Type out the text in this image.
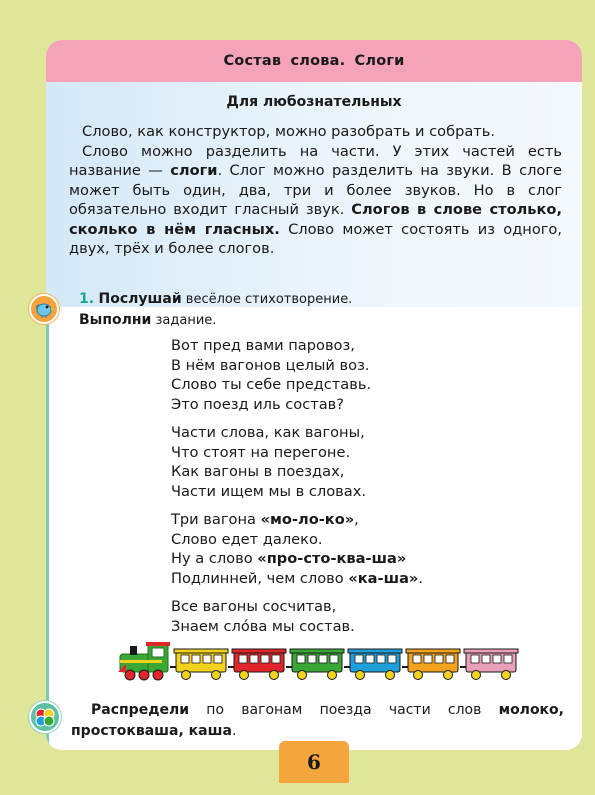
Состав слова. Слоги
Для любознательных

Слово, как конструктор, можно разобрать и собрать.

Слово можно разделить на части. У этих частей есть название — слоги. Слог можно разделить на звуки. В слоге может быть один, два, три и более звуков. Но в слог обязательно входит гласный звук. Слогов в слове столько, сколько в нём гласных. Слово может состоять из одного, двух, трёх и более слогов.

1. Послушай весёлое стихотворение.
Выполни задание.
Вот пред вами паровоз,
В нём вагонов целый воз.
Слово ты себе представь.
Это поезд иль состав?
Части слова, как вагоны,
Что стоят на перегоне.
Как вагоны в поездах,
Части ищем мы в словах.
Три вагона «мо-ло-ко»,
Слово едет далеко.
Ну а слово «про-сто-ква-ша»
Подлинней, чем слово «ка-ша».
Все вагоны сосчитав,
Знаем сло́ва мы состав.
Распредели по вагонам поезда части слов молоко, простокваша, каша.
6
